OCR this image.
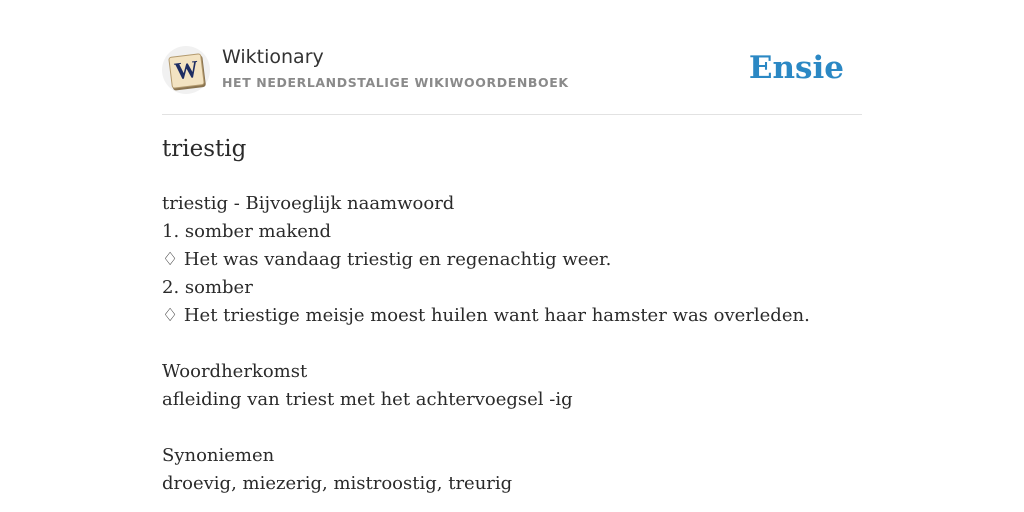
W Wiktionary
HET NEDERLANDSTALIGE WIKIWOORDENBOEK	Ensie
triestig
triestig - Bijvoeglijk naamwoord
1. somber makend
♢ Het was vandaag triestig en regenachtig weer.
2. somber
♢ Het triestige meisje moest huilen want haar hamster was overleden.
Woordherkomst
afleiding van triest met het achtervoegsel -ig
Synoniemen
droevig, miezerig, mistroostig, treurig
